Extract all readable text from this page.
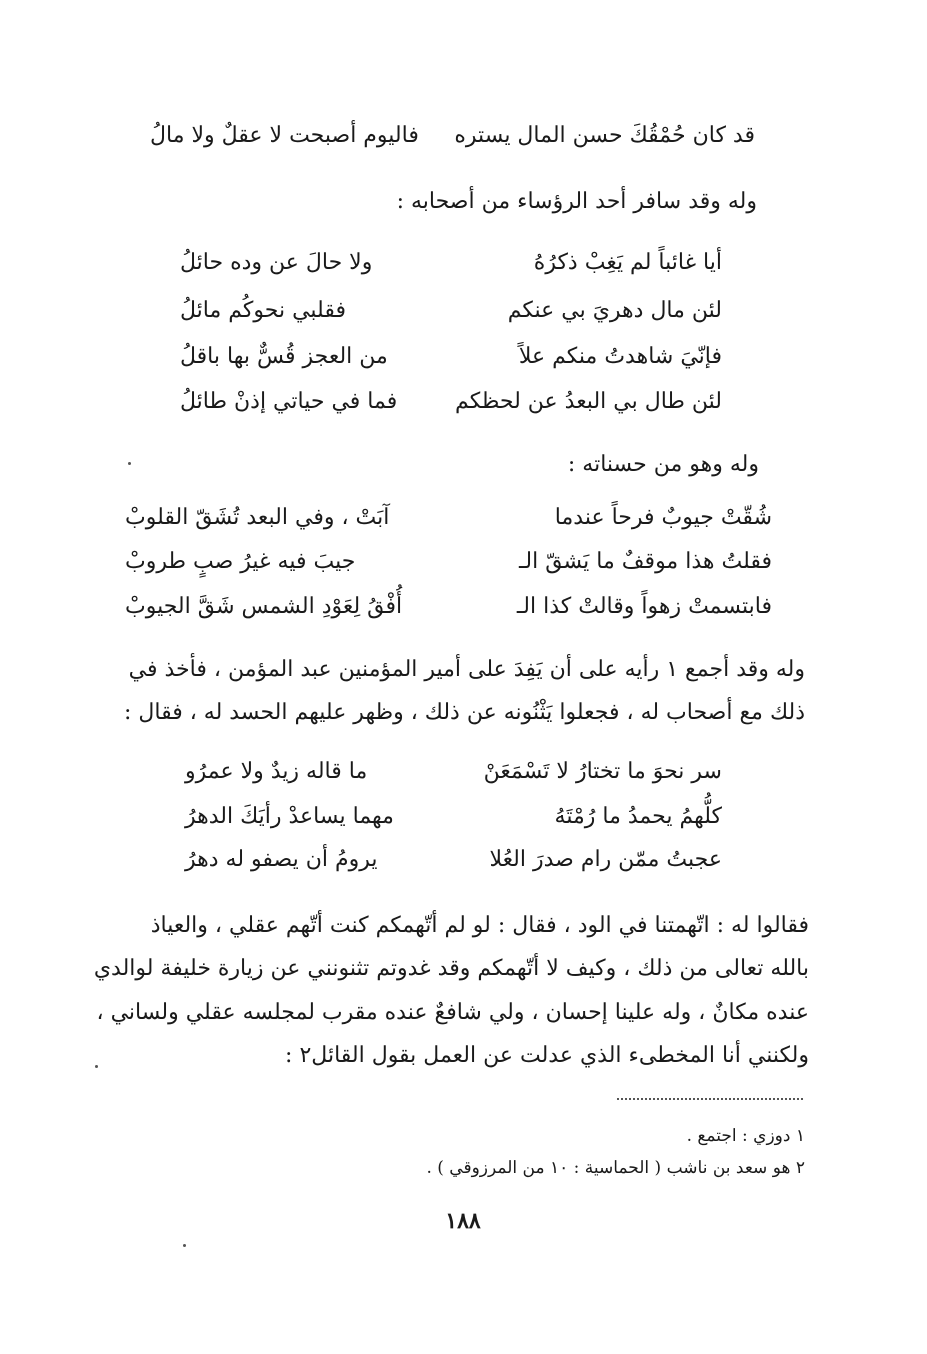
قد كان حُمْقُكَ حسن المال يستره
فاليوم أصبحت لا عقلٌ ولا مالُ
وله وقد سافر أحد الرؤساء من أصحابه :
أيا غائباً لم يَغِبْ ذكرُهُ
ولا حالَ عن وده حائلُ
لئن مال دهريَ بي عنكم
فقلبي نحوكُم مائلُ
فإنّيَ شاهدتُ منكم علاً
من العجز قُسٌّ بها باقلُ
لئن طال بي البعدُ عن لحظكم
فما في حياتي إذنْ طائلُ
وله وهو من حسناته :
شُقّتْ جيوبٌ فرحاً عندما
آبَتْ ، وفي البعد تُشَقّ القلوبْ
فقلتُ هذا موقفٌ ما يَشقّ الـ
جيبَ فيه غيرُ صبٍ طروبْ
فابتسمتْ زهواً وقالتْ كذا الـ
أُفْقُ لِعَوْدِ الشمس شَقَّ الجيوبْ
وله وقد أجمع ١ رأيه على أن يَفِدَ على أمير المؤمنين عبد المؤمن ، فأخذ في
ذلك مع أصحاب له ، فجعلوا يَثْنُونه عن ذلك ، وظهر عليهم الحسد له ، فقال :
سر نحوَ ما تختارُ لا تَسْمَعَنْ
ما قاله زيدٌ ولا عمرُو
كلُّهمُ يحمدُ ما رُمْتَهُ
مهما يساعدْ رأيَكَ الدهرُ
عجبتُ ممّن رام صدرَ العُلا
يرومُ أن يصفو له دهرُ
فقالوا له : اتّهمتنا في الود ، فقال : لو لم أتّهمكم كنت أتّهم عقلي ، والعياذ
بالله تعالى من ذلك ، وكيف لا أتّهمكم وقد غدوتم تثنونني عن زيارة خليفة لوالدي
عنده مكانٌ ، وله علينا إحسان ، ولي شافعٌ عنده مقرب لمجلسه عقلي ولساني ،
ولكنني أنا المخطىء الذي عدلت عن العمل بقول القائل٢ :
١ دوزي : اجتمع .
٢ هو سعد بن ناشب ( الحماسية : ١٠ من المرزوقي ) .
١٨٨
